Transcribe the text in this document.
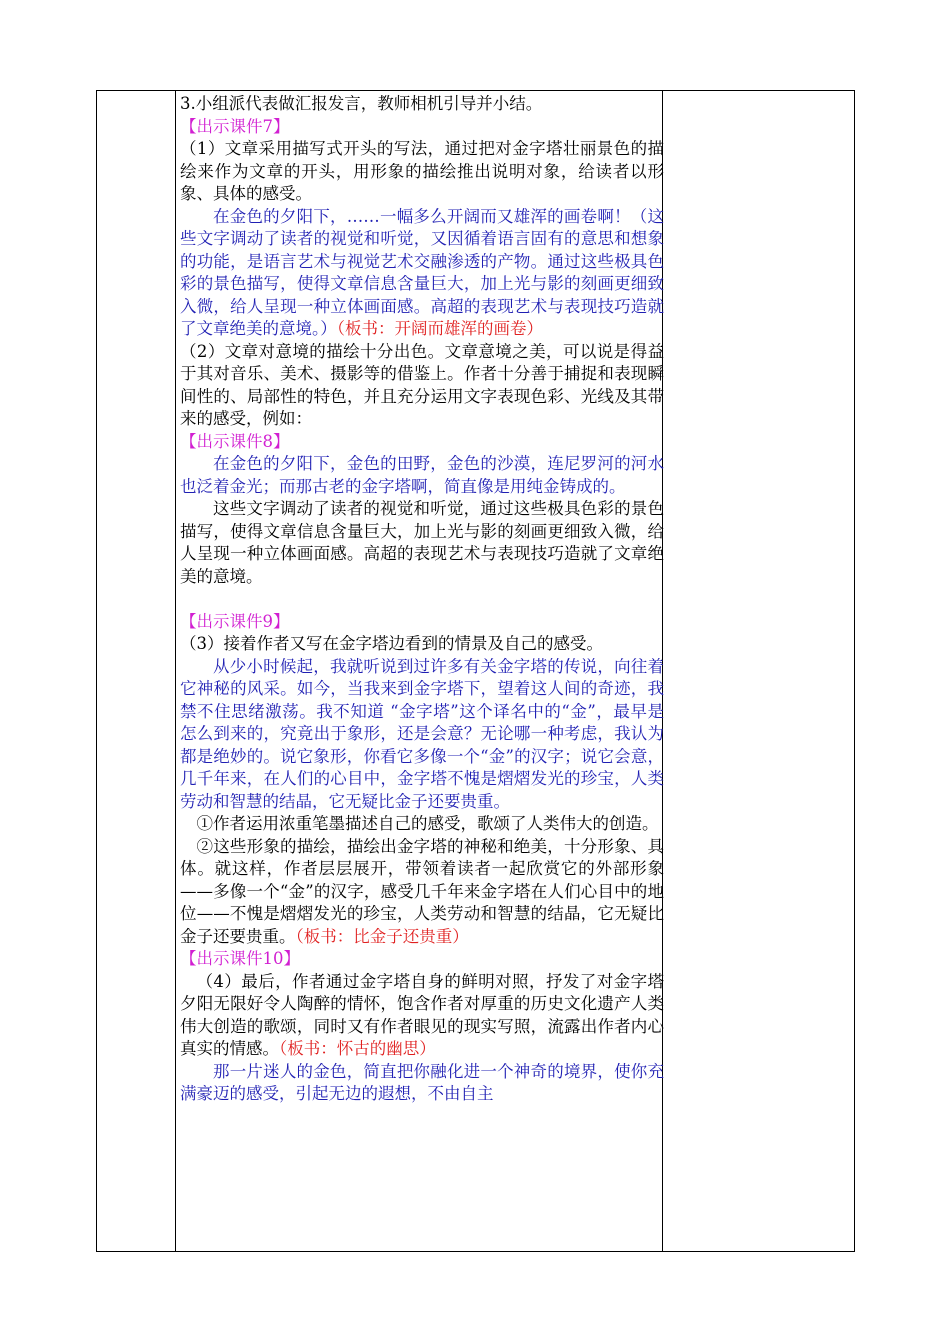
3.小组派代表做汇报发言，教师相机引导并小结。

【出示课件7】

（1）文章采用描写式开头的写法，通过把对金字塔壮丽景色的描绘来作为文章的开头，用形象的描绘推出说明对象，给读者以形象、具体的感受。

在金色的夕阳下，……一幅多么开阔而又雄浑的画卷啊！（这些文字调动了读者的视觉和听觉，又因循着语言固有的意思和想象的功能，是语言艺术与视觉艺术交融渗透的产物。通过这些极具色彩的景色描写，使得文章信息含量巨大，加上光与影的刻画更细致入微，给人呈现一种立体画面感。高超的表现艺术与表现技巧造就了文章绝美的意境。）（板书：开阔而雄浑的画卷）

（2）文章对意境的描绘十分出色。文章意境之美，可以说是得益于其对音乐、美术、摄影等的借鉴上。作者十分善于捕捉和表现瞬间性的、局部性的特色，并且充分运用文字表现色彩、光线及其带来的感受，例如：

【出示课件8】

在金色的夕阳下，金色的田野，金色的沙漠，连尼罗河的河水也泛着金光；而那古老的金字塔啊，简直像是用纯金铸成的。

这些文字调动了读者的视觉和听觉，通过这些极具色彩的景色描写，使得文章信息含量巨大，加上光与影的刻画更细致入微，给人呈现一种立体画面感。高超的表现艺术与表现技巧造就了文章绝美的意境。

【出示课件9】

（3）接着作者又写在金字塔边看到的情景及自己的感受。

从少小时候起，我就听说到过许多有关金字塔的传说，向往着它神秘的风采。如今，当我来到金字塔下，望着这人间的奇迹，我禁不住思绪激荡。我不知道 “金字塔”这个译名中的“金”，最早是怎么到来的，究竟出于象形，还是会意？无论哪一种考虑，我认为都是绝妙的。说它象形，你看它多像一个“金”的汉字；说它会意，几千年来，在人们的心目中，金字塔不愧是熠熠发光的珍宝，人类劳动和智慧的结晶，它无疑比金子还要贵重。

①作者运用浓重笔墨描述自己的感受，歌颂了人类伟大的创造。

②这些形象的描绘，描绘出金字塔的神秘和绝美，十分形象、具体。就这样，作者层层展开，带领着读者一起欣赏它的外部形象——多像一个“金”的汉字，感受几千年来金字塔在人们心目中的地位——不愧是熠熠发光的珍宝，人类劳动和智慧的结晶，它无疑比金子还要贵重。（板书：比金子还贵重）

【出示课件10】

（4）最后，作者通过金字塔自身的鲜明对照，抒发了对金字塔夕阳无限好令人陶醉的情怀，饱含作者对厚重的历史文化遗产人类伟大创造的歌颂，同时又有作者眼见的现实写照，流露出作者内心真实的情感。（板书：怀古的幽思）

那一片迷人的金色，简直把你融化进一个神奇的境界，使你充满豪迈的感受，引起无边的遐想，不由自主
